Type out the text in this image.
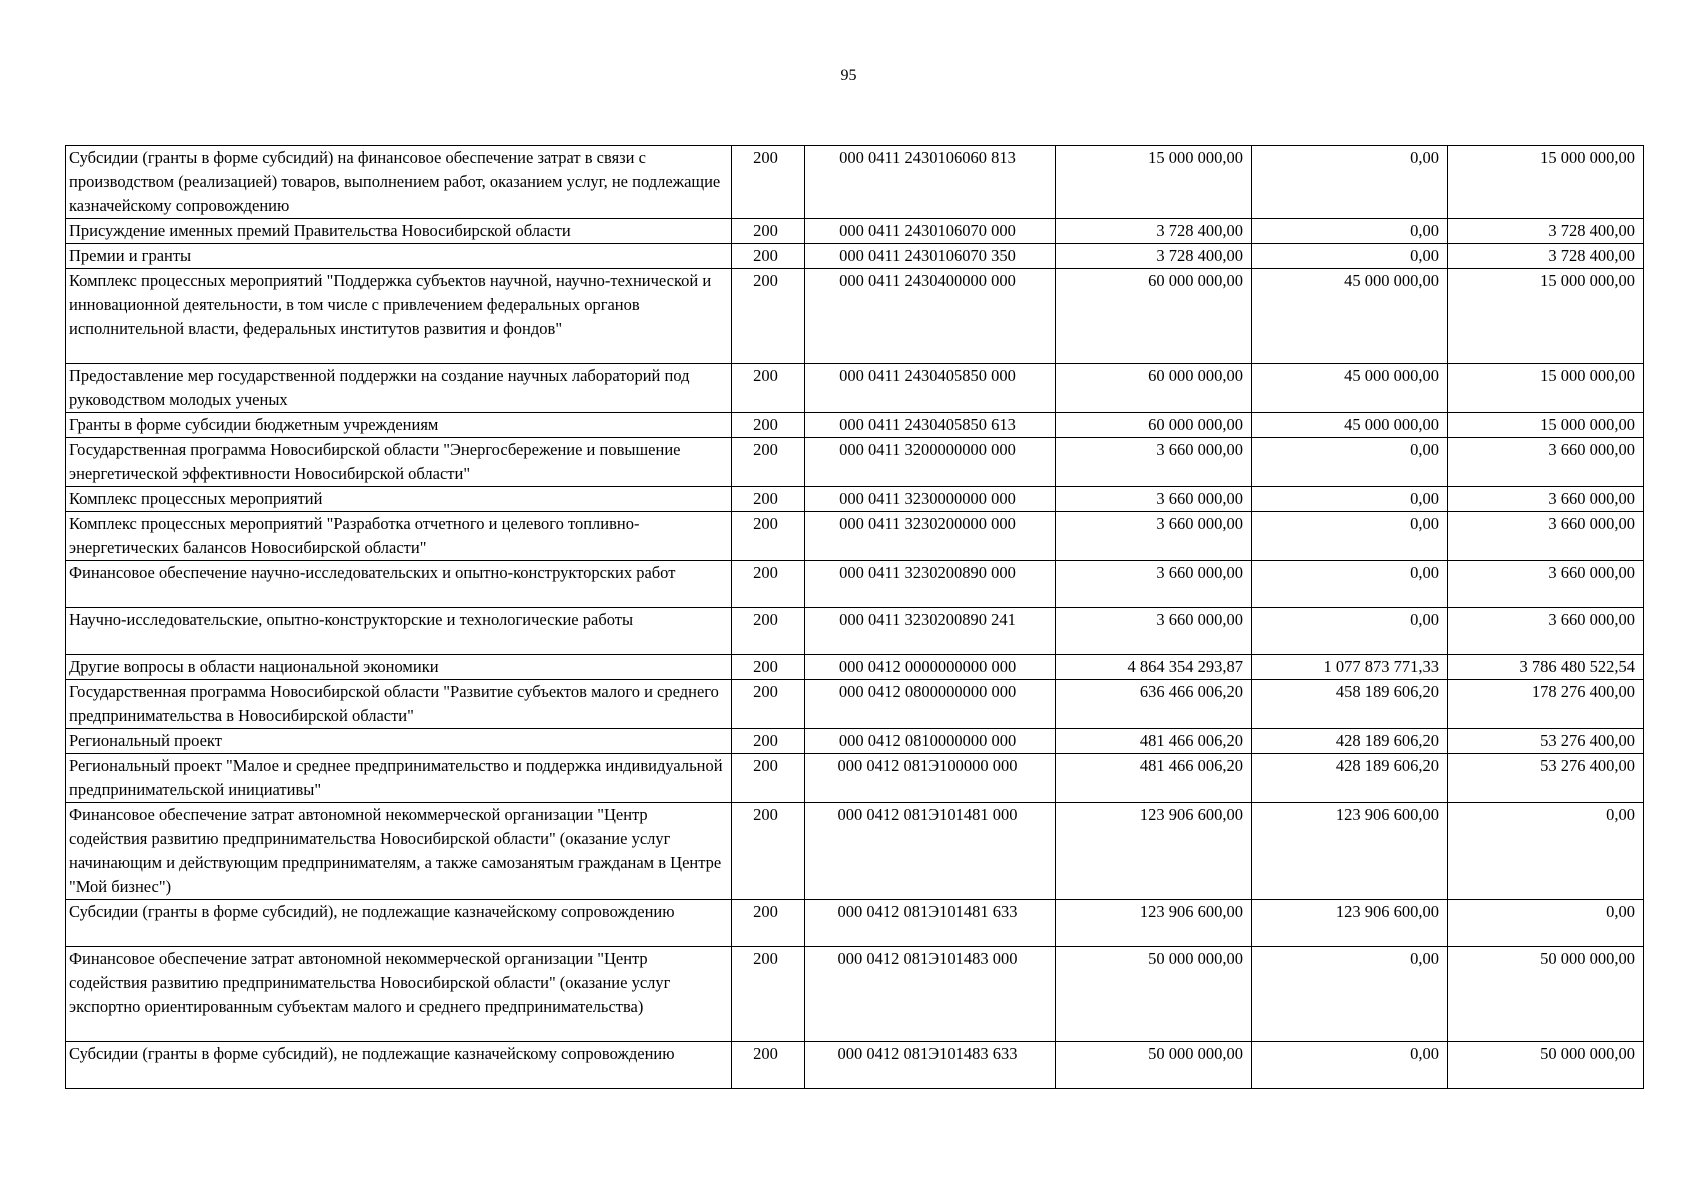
95
Субсидии (гранты в форме субсидий) на финансовое обеспечение затрат в связи с производством (реализацией) товаров, выполнением работ, оказанием услуг, не подлежащие казначейскому сопровождению	200	000 0411 2430106060 813	15 000 000,00	0,00	15 000 000,00
Присуждение именных премий Правительства Новосибирской области	200	000 0411 2430106070 000	3 728 400,00	0,00	3 728 400,00
Премии и гранты	200	000 0411 2430106070 350	3 728 400,00	0,00	3 728 400,00
Комплекс процессных мероприятий "Поддержка субъектов научной, научно-технической и инновационной деятельности, в том числе с привлечением федеральных органов исполнительной власти, федеральных институтов развития и фондов"	200	000 0411 2430400000 000	60 000 000,00	45 000 000,00	15 000 000,00
Предоставление мер государственной поддержки на создание научных лабораторий под руководством молодых ученых	200	000 0411 2430405850 000	60 000 000,00	45 000 000,00	15 000 000,00
Гранты в форме субсидии бюджетным учреждениям	200	000 0411 2430405850 613	60 000 000,00	45 000 000,00	15 000 000,00
Государственная программа Новосибирской области "Энергосбережение и повышение энергетической эффективности Новосибирской области"	200	000 0411 3200000000 000	3 660 000,00	0,00	3 660 000,00
Комплекс процессных мероприятий	200	000 0411 3230000000 000	3 660 000,00	0,00	3 660 000,00
Комплекс процессных мероприятий "Разработка отчетного и целевого топливно-энергетических балансов Новосибирской области"	200	000 0411 3230200000 000	3 660 000,00	0,00	3 660 000,00
Финансовое обеспечение научно-исследовательских и опытно-конструкторских работ	200	000 0411 3230200890 000	3 660 000,00	0,00	3 660 000,00
Научно-исследовательские, опытно-конструкторские и технологические работы	200	000 0411 3230200890 241	3 660 000,00	0,00	3 660 000,00
Другие вопросы в области национальной экономики	200	000 0412 0000000000 000	4 864 354 293,87	1 077 873 771,33	3 786 480 522,54
Государственная программа Новосибирской области "Развитие субъектов малого и среднего предпринимательства в Новосибирской области"	200	000 0412 0800000000 000	636 466 006,20	458 189 606,20	178 276 400,00
Региональный проект	200	000 0412 0810000000 000	481 466 006,20	428 189 606,20	53 276 400,00
Региональный проект "Малое и среднее предпринимательство и поддержка индивидуальной предпринимательской инициативы"	200	000 0412 081Э100000 000	481 466 006,20	428 189 606,20	53 276 400,00
Финансовое обеспечение затрат автономной некоммерческой организации "Центр содействия развитию предпринимательства Новосибирской области" (оказание услуг начинающим и действующим предпринимателям, а также самозанятым гражданам в Центре "Мой бизнес")	200	000 0412 081Э101481 000	123 906 600,00	123 906 600,00	0,00
Субсидии (гранты в форме субсидий), не подлежащие казначейскому сопровождению	200	000 0412 081Э101481 633	123 906 600,00	123 906 600,00	0,00
Финансовое обеспечение затрат автономной некоммерческой организации "Центр содействия развитию предпринимательства Новосибирской области" (оказание услуг экспортно ориентированным субъектам малого и среднего предпринимательства)	200	000 0412 081Э101483 000	50 000 000,00	0,00	50 000 000,00
Субсидии (гранты в форме субсидий), не подлежащие казначейскому сопровождению	200	000 0412 081Э101483 633	50 000 000,00	0,00	50 000 000,00
